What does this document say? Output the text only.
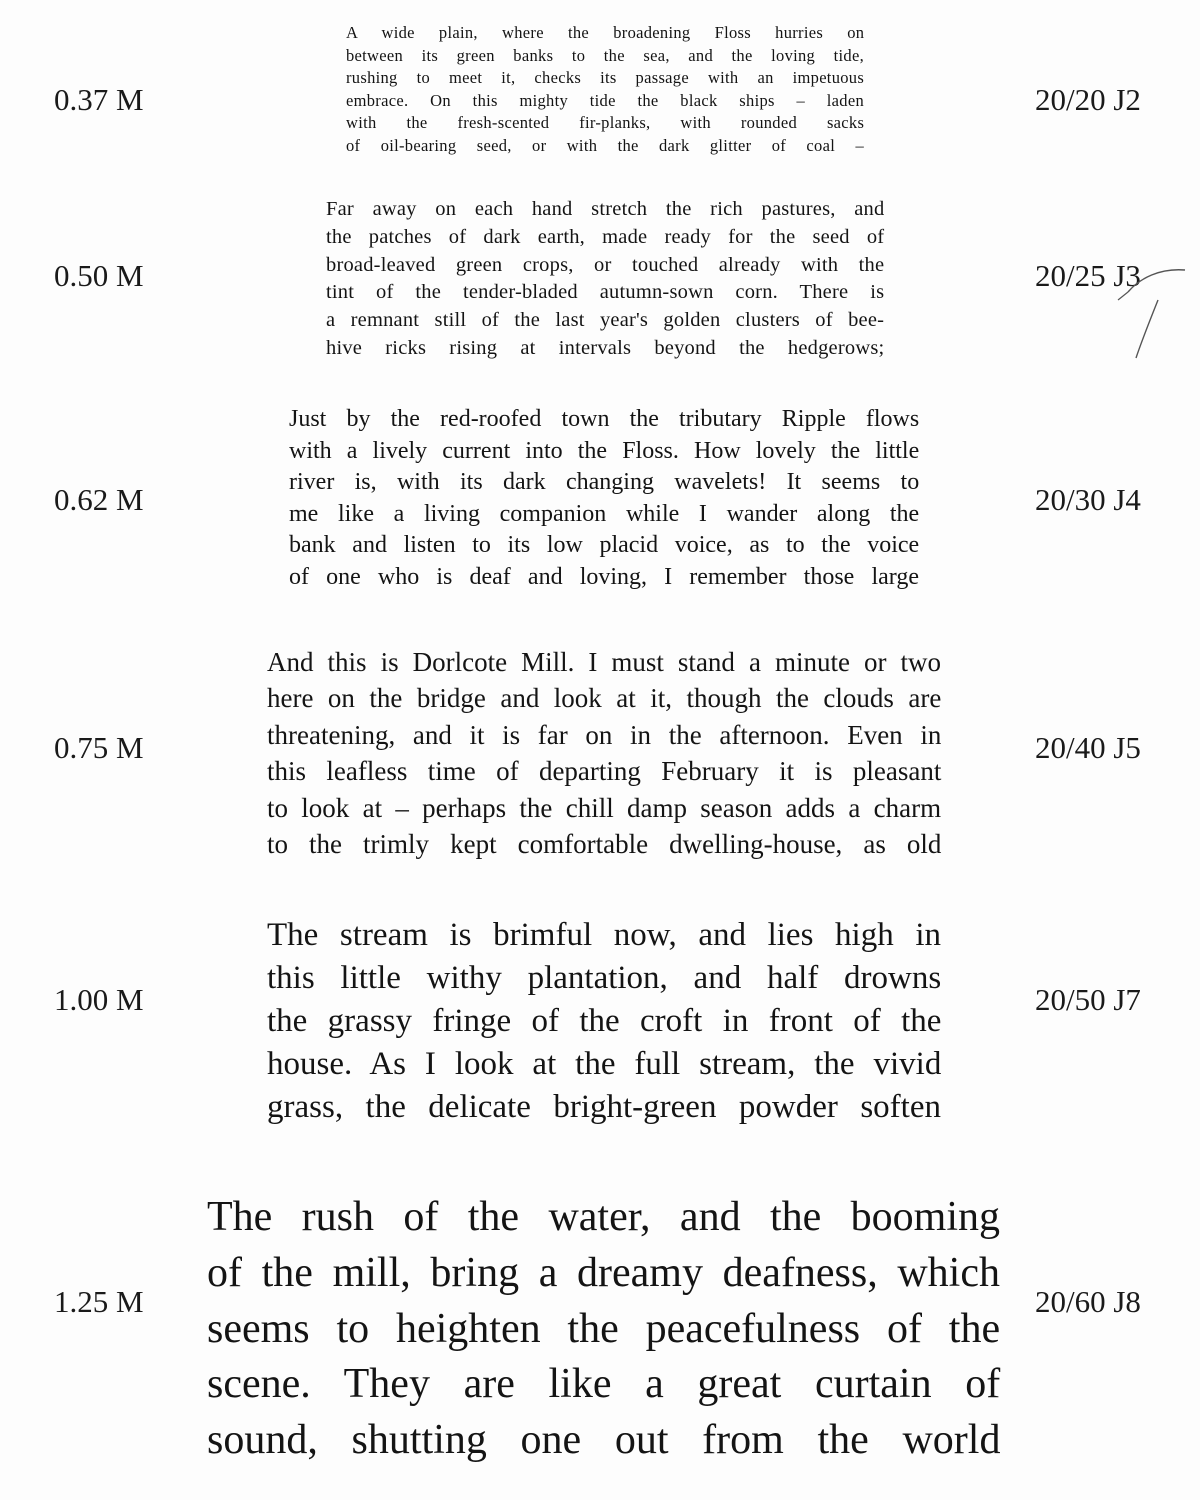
0.37 M

A wide plain, where the broadening Floss hurries on
between its green banks to the sea, and the loving tide,
rushing to meet it, checks its passage with an impetuous
embrace. On this mighty tide the black ships – laden
with the fresh-scented fir-planks, with rounded sacks
of oil-bearing seed, or with the dark glitter of coal –

20/20 J2
0.50 M

Far away on each hand stretch the rich pastures, and
the patches of dark earth, made ready for the seed of
broad-leaved green crops, or touched already with the
tint of the tender-bladed autumn-sown corn. There is
a remnant still of the last year's golden clusters of bee-
hive ricks rising at intervals beyond the hedgerows;

20/25 J3
0.62 M

Just by the red-roofed town the tributary Ripple flows
with a lively current into the Floss. How lovely the little
river is, with its dark changing wavelets! It seems to
me like a living companion while I wander along the
bank and listen to its low placid voice, as to the voice
of one who is deaf and loving, I remember those large

20/30 J4
0.75 M

And this is Dorlcote Mill. I must stand a minute or two
here on the bridge and look at it, though the clouds are
threatening, and it is far on in the afternoon. Even in
this leafless time of departing February it is pleasant
to look at – perhaps the chill damp season adds a charm
to the trimly kept comfortable dwelling-house, as old

20/40 J5
1.00 M

The stream is brimful now, and lies high in
this little withy plantation, and half drowns
the grassy fringe of the croft in front of the
house. As I look at the full stream, the vivid
grass, the delicate bright-green powder soften

20/50 J7
1.25 M

The rush of the water, and the booming
of the mill, bring a dreamy deafness, which
seems to heighten the peacefulness of the
scene. They are like a great curtain of
sound, shutting one out from the world

20/60 J8
